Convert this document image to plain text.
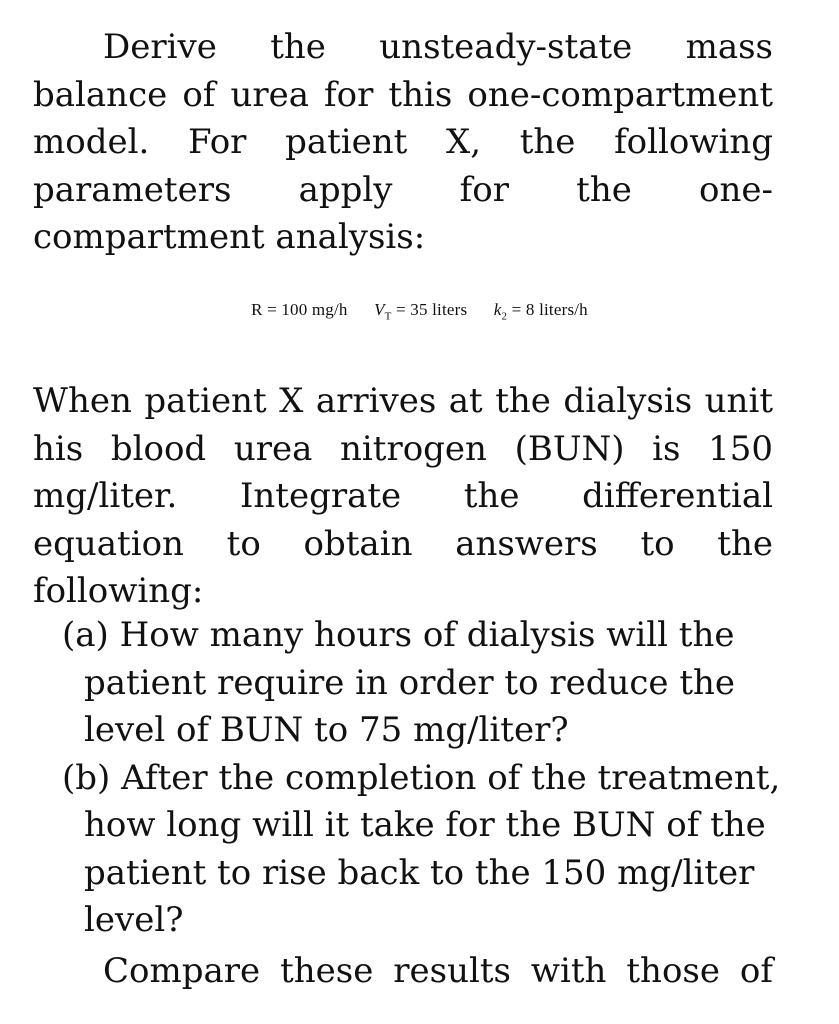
Derive the unsteady-state mass balance of urea for this one-compartment model. For patient X, the following parameters apply for the one-compartment analysis:

R = 100 mg/h $V_T = 35$ liters $k_2 = 8$ liters/h

When patient X arrives at the dialysis unit his blood urea nitrogen (BUN) is 150 mg/liter. Integrate the differential equation to obtain answers to the following:

(a) How many hours of dialysis will the patient require in order to reduce the level of BUN to 75 mg/liter?
(b) After the completion of the treatment, how long will it take for the BUN of the patient to rise back to the 150 mg/liter level?

Compare these results with those of
